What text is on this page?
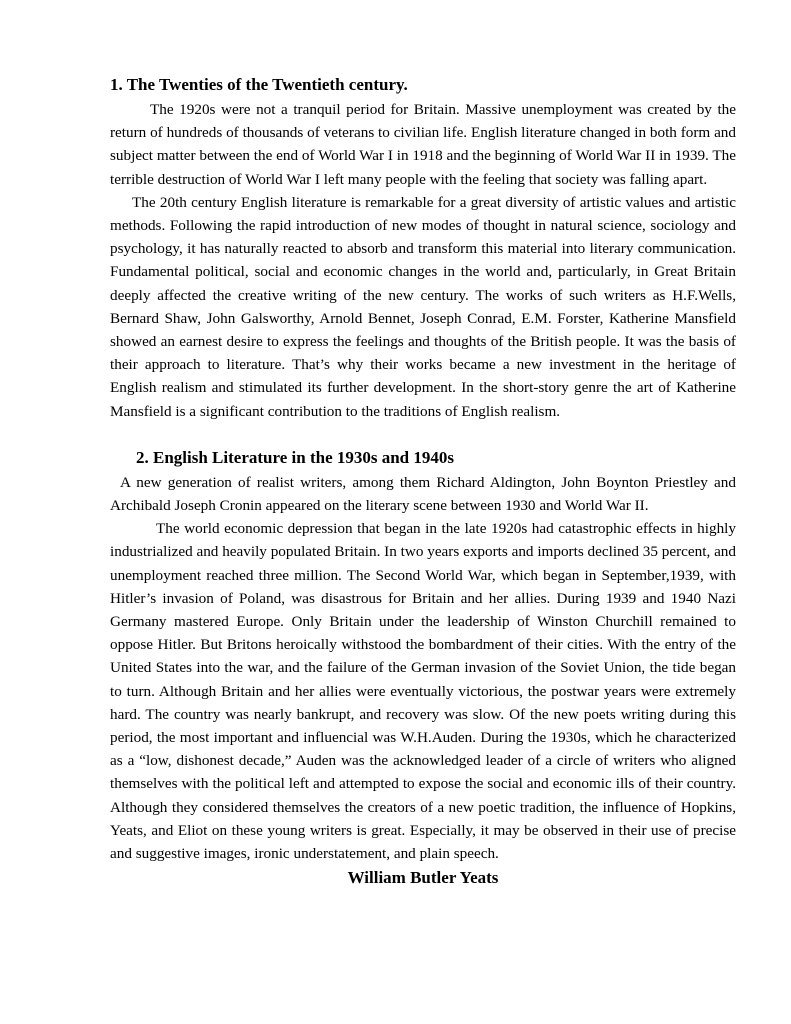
1. The Twenties of the Twentieth century.

The 1920s were not a tranquil period for Britain. Massive unemployment was created by the return of hundreds of thousands of veterans to civilian life. English literature changed in both form and subject matter between the end of World War I in 1918 and the beginning of World War II in 1939. The terrible destruction of World War I left many people with the feeling that society was falling apart.

The 20th century English literature is remarkable for a great diversity of artistic values and artistic methods. Following the rapid introduction of new modes of thought in natural science, sociology and psychology, it has naturally reacted to absorb and transform this material into literary communication. Fundamental political, social and economic changes in the world and, particularly, in Great Britain deeply affected the creative writing of the new century. The works of such writers as H.F.Wells, Bernard Shaw, John Galsworthy, Arnold Bennet, Joseph Conrad, E.M. Forster, Katherine Mansfield showed an earnest desire to express the feelings and thoughts of the British people. It was the basis of their approach to literature. That’s why their works became a new investment in the heritage of English realism and stimulated its further development. In the short-story genre the art of Katherine Mansfield is a significant contribution to the traditions of English realism.

2. English Literature in the 1930s and 1940s

A new generation of realist writers, among them Richard Aldington, John Boynton Priestley and Archibald Joseph Cronin appeared on the literary scene between 1930 and World War II.

The world economic depression that began in the late 1920s had catastrophic effects in highly industrialized and heavily populated Britain. In two years exports and imports declined 35 percent, and unemployment reached three million. The Second World War, which began in September,1939, with Hitler’s invasion of Poland, was disastrous for Britain and her allies. During 1939 and 1940 Nazi Germany mastered Europe. Only Britain under the leadership of Winston Churchill remained to oppose Hitler. But Britons heroically withstood the bombardment of their cities. With the entry of the United States into the war, and the failure of the German invasion of the Soviet Union, the tide began to turn. Although Britain and her allies were eventually victorious, the postwar years were extremely hard. The country was nearly bankrupt, and recovery was slow. Of the new poets writing during this period, the most important and influencial was W.H.Auden. During the 1930s, which he characterized as a “low, dishonest decade,” Auden was the acknowledged leader of a circle of writers who aligned themselves with the political left and attempted to expose the social and economic ills of their country. Although they considered themselves the creators of a new poetic tradition, the influence of Hopkins, Yeats, and Eliot on these young writers is great. Especially, it may be observed in their use of precise and suggestive images, ironic understatement, and plain speech.

William Butler Yeats
